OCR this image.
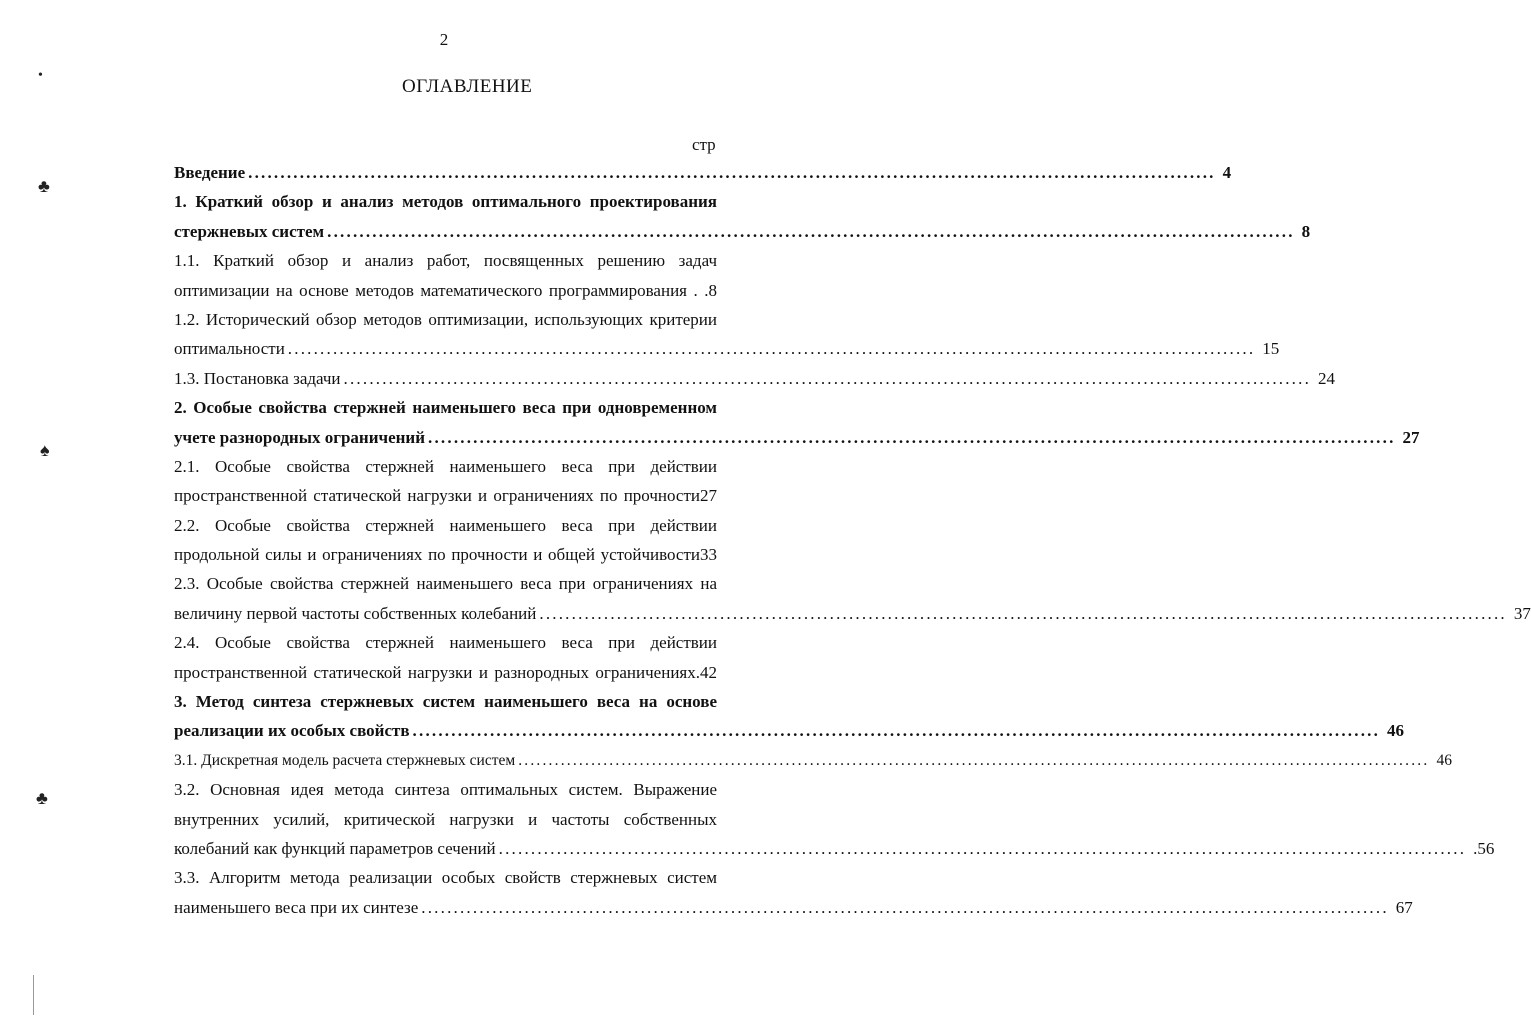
2
ОГЛАВЛЕНИЕ
стр
Введение ...................................................................................................................................................... 4
1. Краткий обзор и анализ методов оптимального проектирования
стержневых систем ...................................................................................................................................................... 8
1.1. Краткий обзор и анализ работ, посвященных решению задач
оптимизации на основе методов математического программирования . .8
1.2. Исторический обзор методов оптимизации, использующих критерии
оптимальности ...................................................................................................................................................... 15
1.3. Постановка задачи ...................................................................................................................................................... 24
2. Особые свойства стержней наименьшего веса при одновременном
учете разнородных ограничений ...................................................................................................................................................... 27
2.1. Особые свойства стержней наименьшего веса при действии
пространственной статической нагрузки и ограничениях по прочности27
2.2. Особые свойства стержней наименьшего веса при действии
продольной силы и ограничениях по прочности и общей устойчивости33
2.3. Особые свойства стержней наименьшего веса при ограничениях на
величину первой частоты собственных колебаний ...................................................................................................................................................... 37
2.4. Особые свойства стержней наименьшего веса при действии
пространственной статической нагрузки и разнородных ограничениях.42
3. Метод синтеза стержневых систем наименьшего веса на основе
реализации их особых свойств ...................................................................................................................................................... 46
3.1. Дискретная модель расчета стержневых систем ...................................................................................................................................................... 46
3.2. Основная идея метода синтеза оптимальных систем. Выражение
внутренних усилий, критической нагрузки и частоты собственных
колебаний как функций параметров сечений ...................................................................................................................................................... .56
3.3. Алгоритм метода реализации особых свойств стержневых систем
наименьшего веса при их синтезе ...................................................................................................................................................... 67
•
♣
♠
♣
